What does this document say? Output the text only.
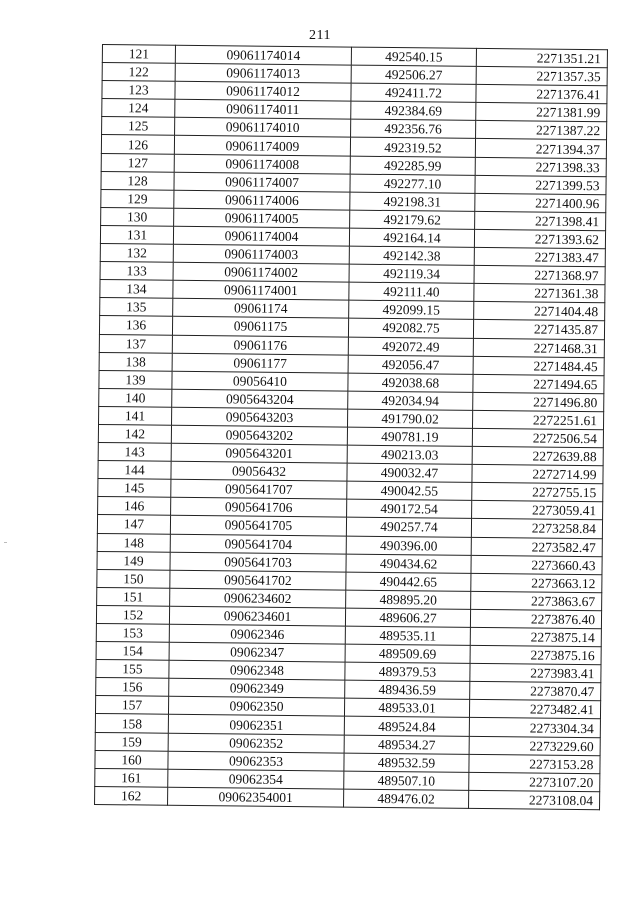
211
121	09061174014	492540.15	2271351.21
122	09061174013	492506.27	2271357.35
123	09061174012	492411.72	2271376.41
124	09061174011	492384.69	2271381.99
125	09061174010	492356.76	2271387.22
126	09061174009	492319.52	2271394.37
127	09061174008	492285.99	2271398.33
128	09061174007	492277.10	2271399.53
129	09061174006	492198.31	2271400.96
130	09061174005	492179.62	2271398.41
131	09061174004	492164.14	2271393.62
132	09061174003	492142.38	2271383.47
133	09061174002	492119.34	2271368.97
134	09061174001	492111.40	2271361.38
135	09061174	492099.15	2271404.48
136	09061175	492082.75	2271435.87
137	09061176	492072.49	2271468.31
138	09061177	492056.47	2271484.45
139	09056410	492038.68	2271494.65
140	0905643204	492034.94	2271496.80
141	0905643203	491790.02	2272251.61
142	0905643202	490781.19	2272506.54
143	0905643201	490213.03	2272639.88
144	09056432	490032.47	2272714.99
145	0905641707	490042.55	2272755.15
146	0905641706	490172.54	2273059.41
147	0905641705	490257.74	2273258.84
148	0905641704	490396.00	2273582.47
149	0905641703	490434.62	2273660.43
150	0905641702	490442.65	2273663.12
151	0906234602	489895.20	2273863.67
152	0906234601	489606.27	2273876.40
153	09062346	489535.11	2273875.14
154	09062347	489509.69	2273875.16
155	09062348	489379.53	2273983.41
156	09062349	489436.59	2273870.47
157	09062350	489533.01	2273482.41
158	09062351	489524.84	2273304.34
159	09062352	489534.27	2273229.60
160	09062353	489532.59	2273153.28
161	09062354	489507.10	2273107.20
162	09062354001	489476.02	2273108.04
